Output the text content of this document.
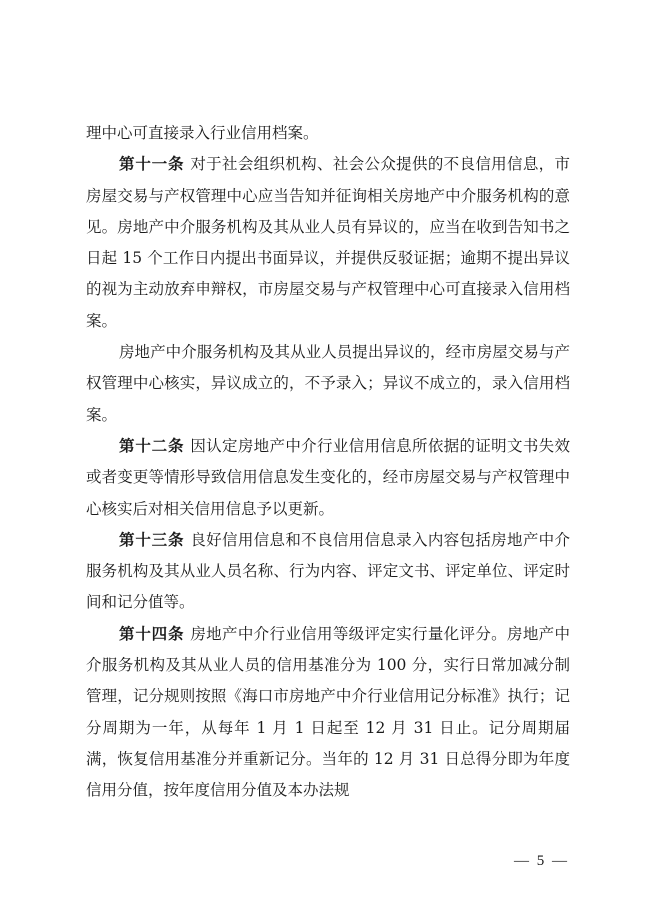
理中心可直接录入行业信用档案。

第十一条 对于社会组织机构、社会公众提供的不良信用信息，市房屋交易与产权管理中心应当告知并征询相关房地产中介服务机构的意见。房地产中介服务机构及其从业人员有异议的，应当在收到告知书之日起 15 个工作日内提出书面异议，并提供反驳证据；逾期不提出异议的视为主动放弃申辩权，市房屋交易与产权管理中心可直接录入信用档案。

房地产中介服务机构及其从业人员提出异议的，经市房屋交易与产权管理中心核实，异议成立的，不予录入；异议不成立的，录入信用档案。

第十二条 因认定房地产中介行业信用信息所依据的证明文书失效或者变更等情形导致信用信息发生变化的，经市房屋交易与产权管理中心核实后对相关信用信息予以更新。

第十三条 良好信用信息和不良信用信息录入内容包括房地产中介服务机构及其从业人员名称、行为内容、评定文书、评定单位、评定时间和记分值等。

第十四条 房地产中介行业信用等级评定实行量化评分。房地产中介服务机构及其从业人员的信用基准分为 100 分，实行日常加减分制管理，记分规则按照《海口市房地产中介行业信用记分标准》执行；记分周期为一年，从每年 1 月 1 日起至 12 月 31 日止。记分周期届满，恢复信用基准分并重新记分。当年的 12 月 31 日总得分即为年度信用分值，按年度信用分值及本办法规

— 5 —
